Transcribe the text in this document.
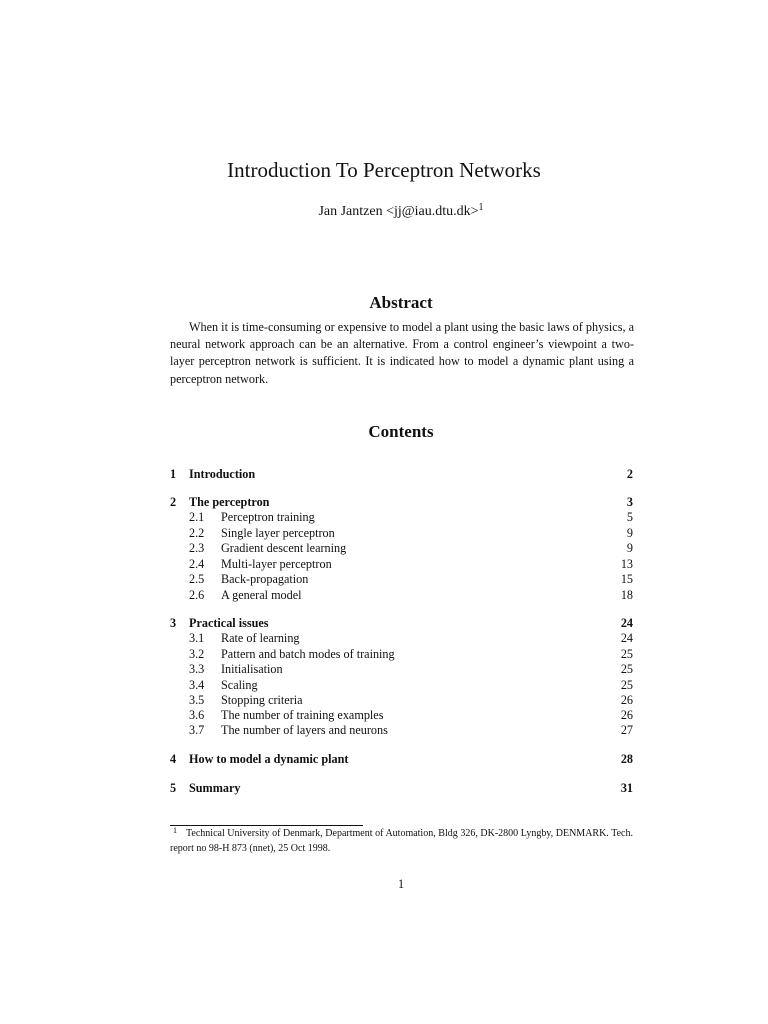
Introduction To Perceptron Networks
Jan Jantzen <jj@iau.dtu.dk>$^1$
Abstract

When it is time-consuming or expensive to model a plant using the basic laws of physics, a neural network approach can be an alternative. From a control engineer’s viewpoint a two-layer perceptron network is sufficient. It is indicated how to model a dynamic plant using a perceptron network.

Contents
1 Introduction	2
2 The perceptron	3
2.1 Perceptron training	5
2.2 Single layer perceptron	9
2.3 Gradient descent learning	9
2.4 Multi-layer perceptron	13
2.5 Back-propagation	15
2.6 A general model	18
3 Practical issues	24
3.1 Rate of learning	24
3.2 Pattern and batch modes of training	25
3.3 Initialisation	25
3.4 Scaling	25
3.5 Stopping criteria	26
3.6 The number of training examples	26
3.7 The number of layers and neurons	27
4 How to model a dynamic plant	28
5 Summary	31

$^1$ Technical University of Denmark, Department of Automation, Bldg 326, DK-2800 Lyngby, DENMARK. Tech. report no 98-H 873 (nnet), 25 Oct 1998.

1
